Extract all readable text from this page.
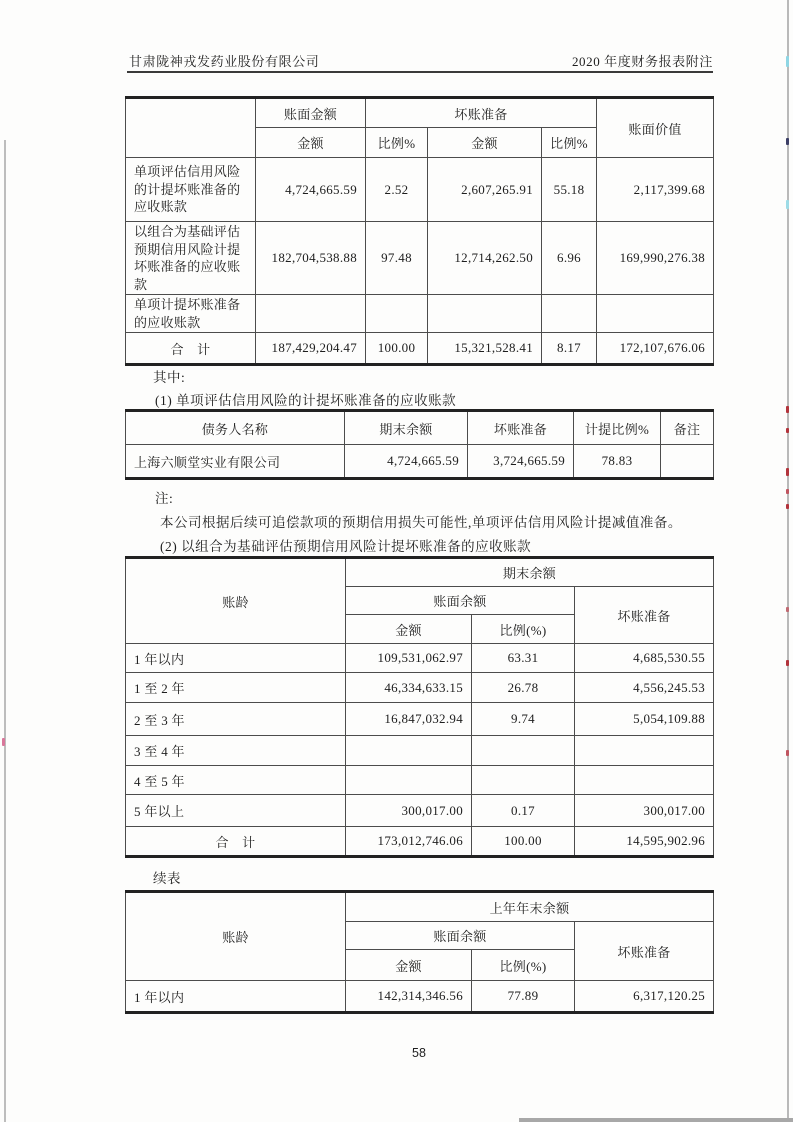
甘肃陇神戎发药业股份有限公司	2020 年度财务报表附注
	账面金额	坏账准备			账面价值
	金额	比例%	金额	比例%	
单项评估信用风险的计提坏账准备的应收账款	4,724,665.59	2.52	2,607,265.91	55.18	2,117,399.68
以组合为基础评估预期信用风险计提坏账准备的应收账款	182,704,538.88	97.48	12,714,262.50	6.96	169,990,276.38
单项计提坏账准备的应收账款					
合　计	187,429,204.47	100.00	15,321,528.41	8.17	172,107,676.06
其中:
(1) 单项评估信用风险的计提坏账准备的应收账款
债务人名称	期末余额	坏账准备	计提比例%	备注
上海六顺堂实业有限公司	4,724,665.59	3,724,665.59	78.83	
注:
本公司根据后续可追偿款项的预期信用损失可能性,单项评估信用风险计提减值准备。
(2) 以组合为基础评估预期信用风险计提坏账准备的应收账款
账龄	期末余额		
	账面余额		坏账准备
	金额	比例(%)	
1 年以内	109,531,062.97	63.31	4,685,530.55
1 至 2 年	46,334,633.15	26.78	4,556,245.53
2 至 3 年	16,847,032.94	9.74	5,054,109.88
3 至 4 年			
4 至 5 年			
5 年以上	300,017.00	0.17	300,017.00
合　计	173,012,746.06	100.00	14,595,902.96
续表
账龄	上年年末余额		
	账面余额		坏账准备
	金额	比例(%)	
1 年以内	142,314,346.56	77.89	6,317,120.25
58
